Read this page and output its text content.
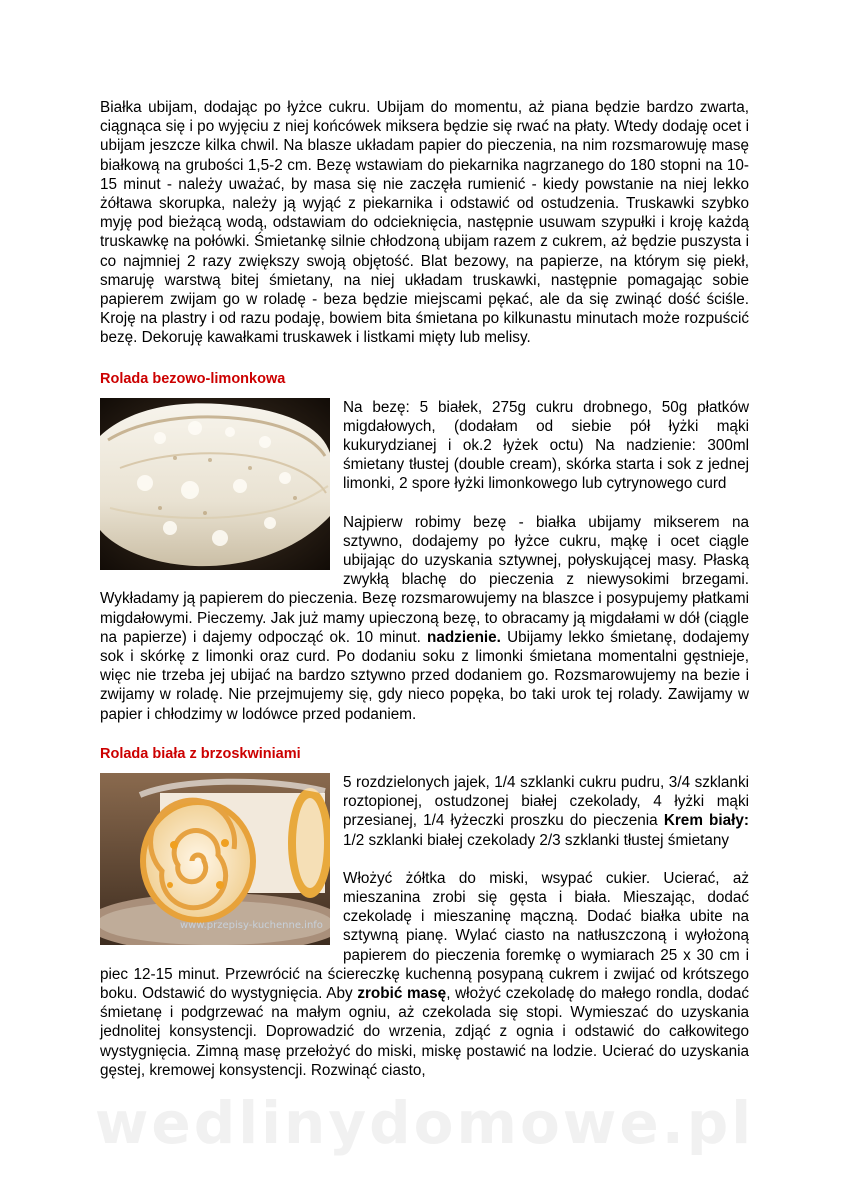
Białka ubijam, dodając po łyżce cukru. Ubijam do momentu, aż piana będzie bardzo zwarta, ciągnąca się i po wyjęciu z niej końcówek miksera będzie się rwać na płaty. Wtedy dodaję ocet i ubijam jeszcze kilka chwil. Na blasze układam papier do pieczenia, na nim rozsmarowuję masę białkową na grubości 1,5-2 cm. Bezę wstawiam do piekarnika nagrzanego do 180 stopni na 10-15 minut - należy uważać, by masa się nie zaczęła rumienić - kiedy powstanie na niej lekko żółtawa skorupka, należy ją wyjąć z piekarnika i odstawić od ostudzenia. Truskawki szybko myję pod bieżącą wodą, odstawiam do odcieknięcia, następnie usuwam szypułki i kroję każdą truskawkę na połówki. Śmietankę silnie chłodzoną ubijam razem z cukrem, aż będzie puszysta i co najmniej 2 razy zwiększy swoją objętość. Blat bezowy, na papierze, na którym się piekł, smaruję warstwą bitej śmietany, na niej układam truskawki, następnie pomagając sobie papierem zwijam go w roladę - beza będzie miejscami pękać, ale da się zwinąć dość ściśle. Kroję na plastry i od razu podaję, bowiem bita śmietana po kilkunastu minutach może rozpuścić bezę. Dekoruję kawałkami truskawek i listkami mięty lub melisy.

Rolada bezowo-limonkowa

Na bezę: 5 białek, 275g cukru drobnego, 50g płatków migdałowych, (dodałam od siebie pół łyżki mąki kukurydzianej i ok.2 łyżek octu) Na nadzienie: 300ml śmietany tłustej (double cream), skórka starta i sok z jednej limonki, 2 spore łyżki limonkowego lub cytrynowego curd

Najpierw robimy bezę - białka ubijamy mikserem na sztywno, dodajemy po łyżce cukru, mąkę i ocet ciągle ubijając do uzyskania sztywnej, połyskującej masy. Płaską zwykłą blachę do pieczenia z niewysokimi brzegami. Wykładamy ją papierem do pieczenia. Bezę rozsmarowujemy na blaszce i posypujemy płatkami migdałowymi. Pieczemy. Jak już mamy upieczoną bezę, to obracamy ją migdałami w dół (ciągle na papierze) i dajemy odpocząć ok. 10 minut. nadzienie. Ubijamy lekko śmietanę, dodajemy sok i skórkę z limonki oraz curd. Po dodaniu soku z limonki śmietana momentalni gęstnieje, więc nie trzeba jej ubijać na bardzo sztywno przed dodaniem go. Rozsmarowujemy na bezie i zwijamy w roladę. Nie przejmujemy się, gdy nieco popęka, bo taki urok tej rolady. Zawijamy w papier i chłodzimy w lodówce przed podaniem.

Rolada biała z brzoskwiniami
www.przepisy-kuchenne.info

5 rozdzielonych jajek, 1/4 szklanki cukru pudru, 3/4 szklanki roztopionej, ostudzonej białej czekolady, 4 łyżki mąki przesianej, 1/4 łyżeczki proszku do pieczenia Krem biały: 1/2 szklanki białej czekolady 2/3 szklanki tłustej śmietany

Włożyć żółtka do miski, wsypać cukier. Ucierać, aż mieszanina zrobi się gęsta i biała. Mieszając, dodać czekoladę i mieszaninę mączną. Dodać białka ubite na sztywną pianę. Wylać ciasto na natłuszczoną i wyłożoną papierem do pieczenia foremkę o wymiarach 25 x 30 cm i piec 12-15 minut. Przewrócić na ściereczkę kuchenną posypaną cukrem i zwijać od krótszego boku. Odstawić do wystygnięcia. Aby zrobić masę, włożyć czekoladę do małego rondla, dodać śmietanę i podgrzewać na małym ogniu, aż czekolada się stopi. Wymieszać do uzyskania jednolitej konsystencji. Doprowadzić do wrzenia, zdjąć z ognia i odstawić do całkowitego wystygnięcia. Zimną masę przełożyć do miski, miskę postawić na lodzie. Ucierać do uzyskania gęstej, kremowej konsystencji. Rozwinąć ciasto,

wedlinydomowe.pl
